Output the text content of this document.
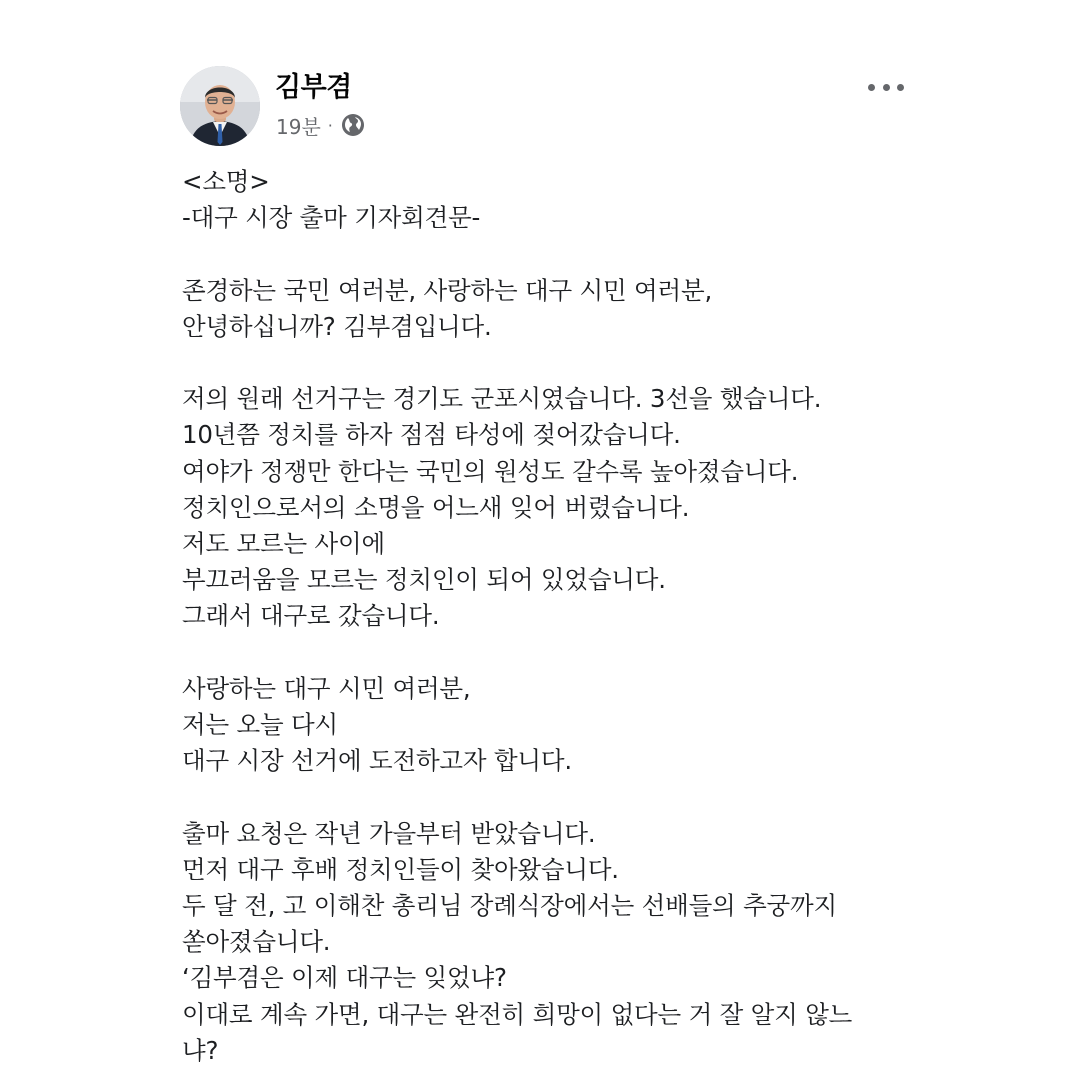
김부겸
19분 ·

<소명>
-대구 시장 출마 기자회견문-

존경하는 국민 여러분, 사랑하는 대구 시민 여러분,
안녕하십니까? 김부겸입니다.

저의 원래 선거구는 경기도 군포시였습니다. 3선을 했습니다.
10년쯤 정치를 하자 점점 타성에 젖어갔습니다.
여야가 정쟁만 한다는 국민의 원성도 갈수록 높아졌습니다.
정치인으로서의 소명을 어느새 잊어 버렸습니다.
저도 모르는 사이에
부끄러움을 모르는 정치인이 되어 있었습니다.
그래서 대구로 갔습니다.

사랑하는 대구 시민 여러분,
저는 오늘 다시
대구 시장 선거에 도전하고자 합니다.

출마 요청은 작년 가을부터 받았습니다.
먼저 대구 후배 정치인들이 찾아왔습니다.
두 달 전, 고 이해찬 총리님 장례식장에서는 선배들의 추궁까지
쏟아졌습니다.
‘김부겸은 이제 대구는 잊었냐?
이대로 계속 가면, 대구는 완전히 희망이 없다는 거 잘 알지 않느
냐?
